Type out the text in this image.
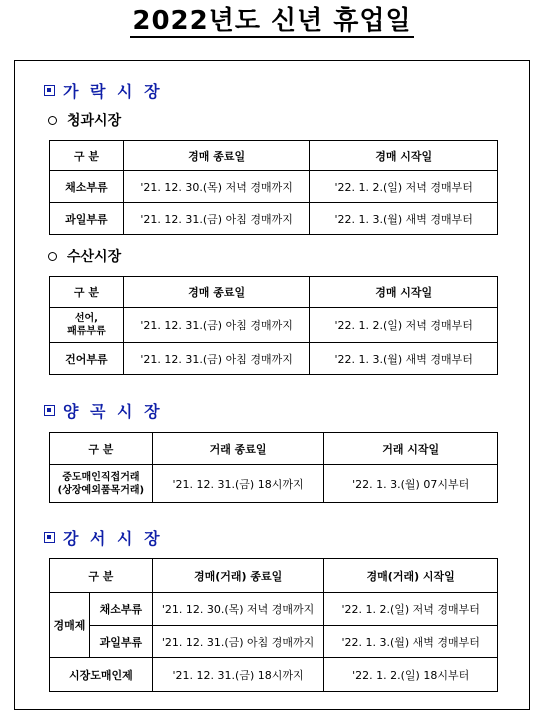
2022년도 신년 휴업일
가 락 시 장
청과시장
구 분	경매 종료일	경매 시작일
채소부류	'21. 12. 30.(목) 저녁 경매까지	'22. 1. 2.(일) 저녁 경매부터
과일부류	'21. 12. 31.(금) 아침 경매까지	'22. 1. 3.(월) 새벽 경매부터
수산시장
구 분	경매 종료일	경매 시작일
선어,
패류부류	'21. 12. 31.(금) 아침 경매까지	'22. 1. 2.(일) 저녁 경매부터
건어부류	'21. 12. 31.(금) 아침 경매까지	'22. 1. 3.(월) 새벽 경매부터
양 곡 시 장
구 분	거래 종료일	거래 시작일
중도매인직접거래
(상장예외품목거래)	'21. 12. 31.(금) 18시까지	'22. 1. 3.(월) 07시부터
강 서 시 장
구 분		경매(거래) 종료일	경매(거래) 시작일
경매제	채소부류	'21. 12. 30.(목) 저녁 경매까지	'22. 1. 2.(일) 저녁 경매부터
	과일부류	'21. 12. 31.(금) 아침 경매까지	'22. 1. 3.(월) 새벽 경매부터
시장도매인제		'21. 12. 31.(금) 18시까지	'22. 1. 2.(일) 18시부터
